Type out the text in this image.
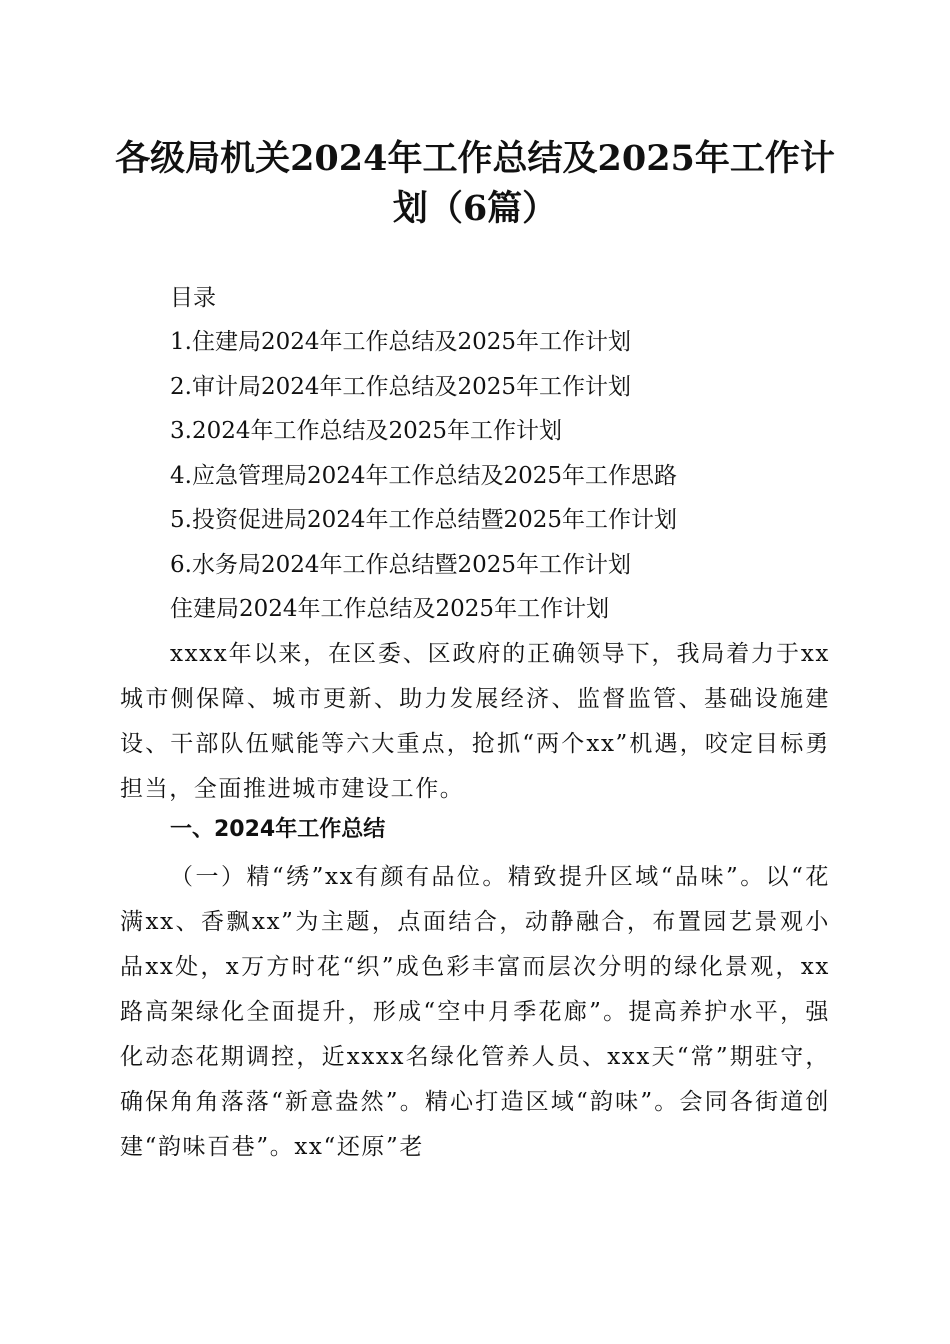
各级局机关2024年工作总结及2025年工作计划（6篇）

目录

1.住建局2024年工作总结及2025年工作计划
2.审计局2024年工作总结及2025年工作计划
3.2024年工作总结及2025年工作计划
4.应急管理局2024年工作总结及2025年工作思路
5.投资促进局2024年工作总结暨2025年工作计划
6.水务局2024年工作总结暨2025年工作计划

住建局2024年工作总结及2025年工作计划

xxxx年以来，在区委、区政府的正确领导下，我局着力于xx城市侧保障、城市更新、助力发展经济、监督监管、基础设施建设、干部队伍赋能等六大重点，抢抓“两个xx”机遇，咬定目标勇担当，全面推进城市建设工作。

一、2024年工作总结

（一）精“绣”xx有颜有品位。精致提升区域“品味”。以“花满xx、香飘xx”为主题，点面结合，动静融合，布置园艺景观小品xx处，x万方时花“织”成色彩丰富而层次分明的绿化景观，xx路高架绿化全面提升，形成“空中月季花廊”。提高养护水平，强化动态花期调控，近xxxx名绿化管养人员、xxx天“常”期驻守，确保角角落落“新意盎然”。精心打造区域“韵味”。会同各街道创建“韵味百巷”。xx“还原”老
